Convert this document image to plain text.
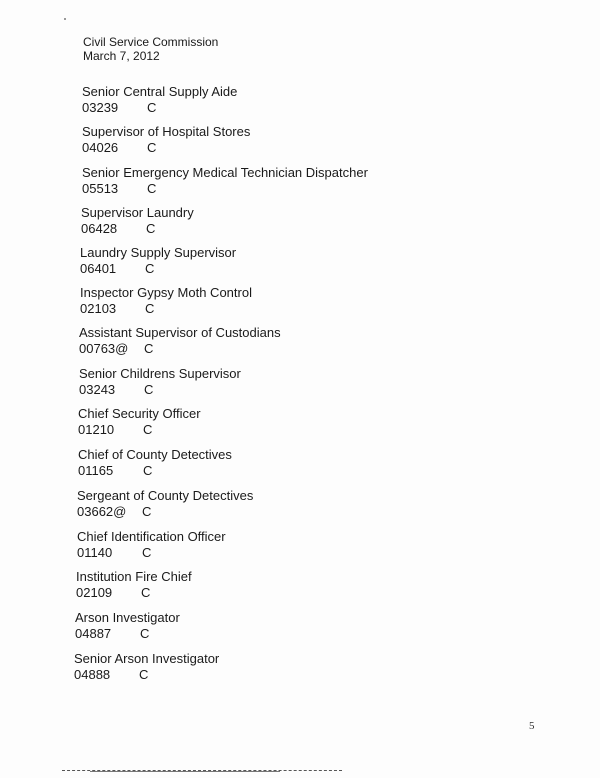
Civil Service Commission
March 7, 2012
Senior Central Supply Aide
03239 C
Supervisor of Hospital Stores
04026 C
Senior Emergency Medical Technician Dispatcher
05513 C
Supervisor Laundry
06428 C
Laundry Supply Supervisor
06401 C
Inspector Gypsy Moth Control
02103 C
Assistant Supervisor of Custodians
00763@ C
Senior Childrens Supervisor
03243 C
Chief Security Officer
01210 C
Chief of County Detectives
01165 C
Sergeant of County Detectives
03662@ C
Chief Identification Officer
01140 C
Institution Fire Chief
02109 C
Arson Investigator
04887 C
Senior Arson Investigator
04888 C
5
